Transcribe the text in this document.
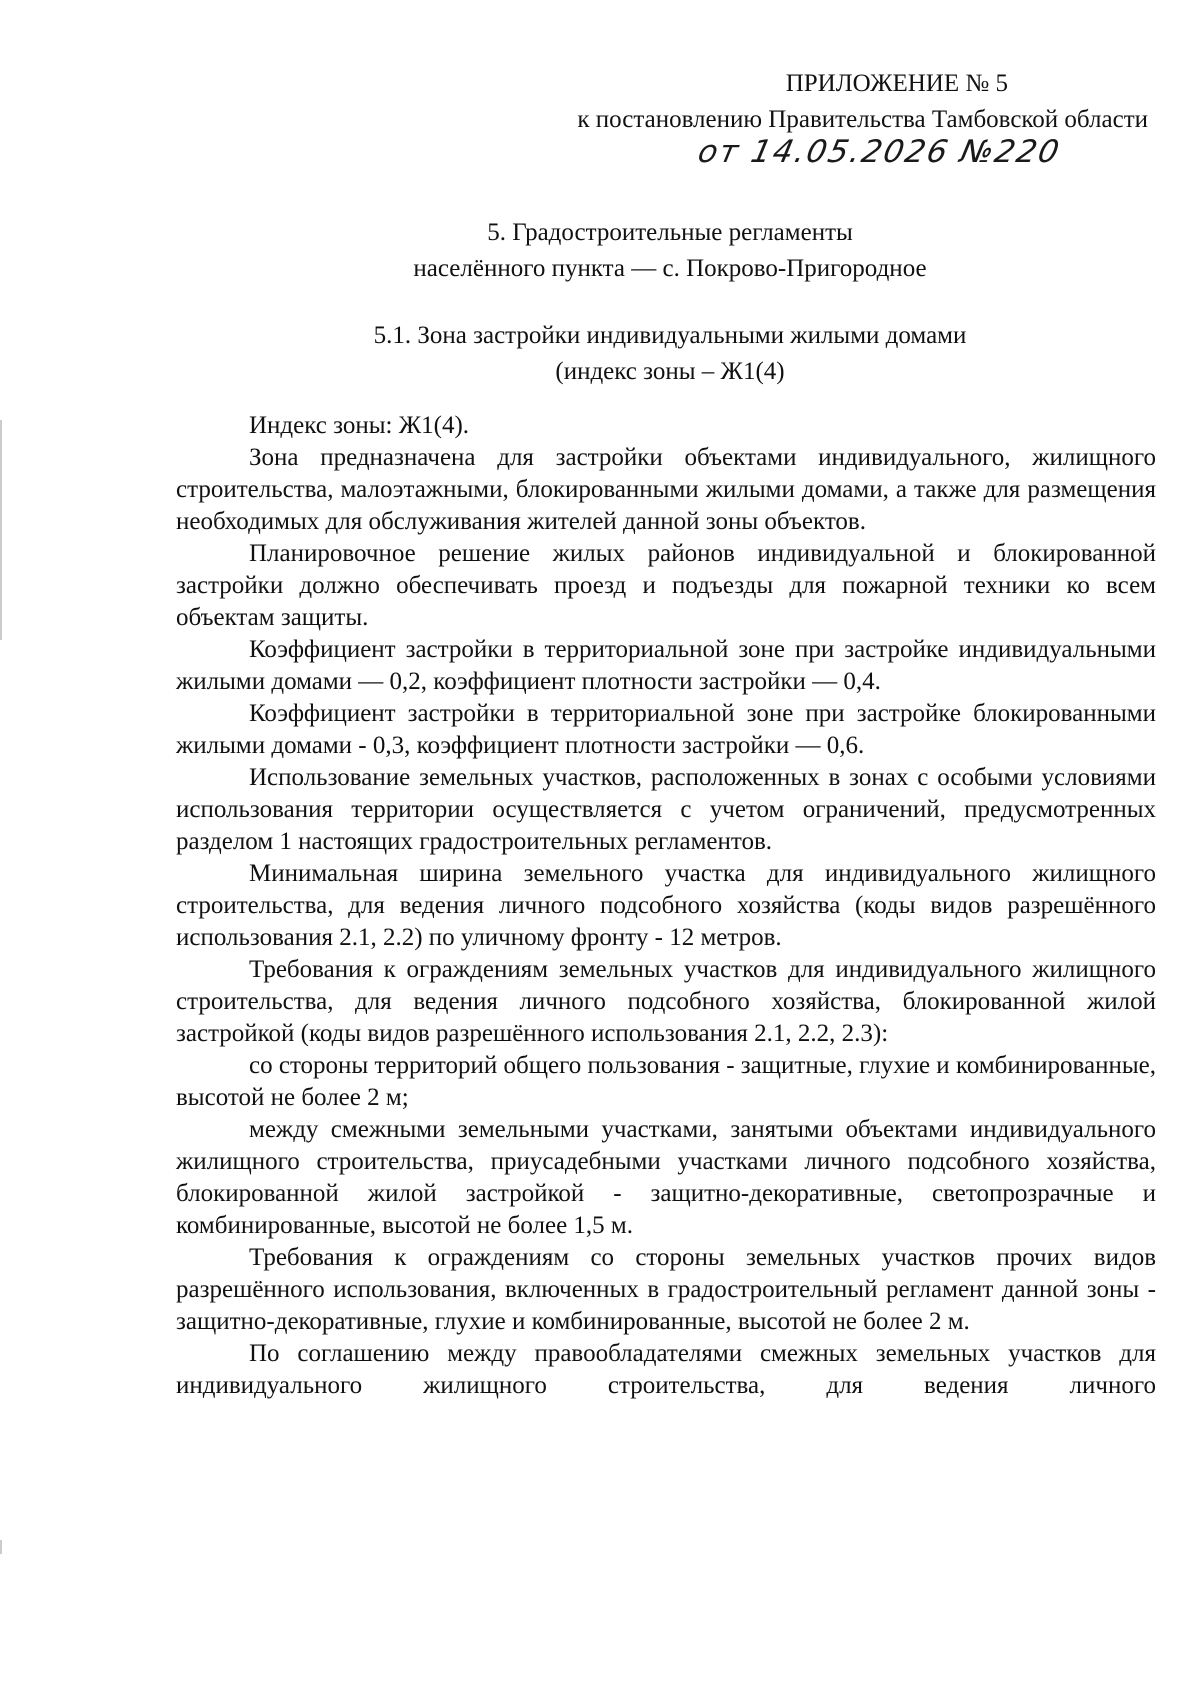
ПРИЛОЖЕНИЕ № 5
к постановлению Правительства Тамбовской области
от 14.05.2026 №220
5. Градостроительные регламенты
населённого пункта — с. Покрово-Пригородное
5.1. Зона застройки индивидуальными жилыми домами
(индекс зоны – Ж1(4)

Индекс зоны: Ж1(4).

Зона предназначена для застройки объектами индивидуального, жилищного строительства, малоэтажными, блокированными жилыми домами, а также для размещения необходимых для обслуживания жителей данной зоны объектов.

Планировочное решение жилых районов индивидуальной и блокированной застройки должно обеспечивать проезд и подъезды для пожарной техники ко всем объектам защиты.

Коэффициент застройки в территориальной зоне при застройке индивидуальными жилыми домами — 0,2, коэффициент плотности застройки — 0,4.

Коэффициент застройки в территориальной зоне при застройке блокированными жилыми домами - 0,3, коэффициент плотности застройки — 0,6.

Использование земельных участков, расположенных в зонах с особыми условиями использования территории осуществляется с учетом ограничений, предусмотренных разделом 1 настоящих градостроительных регламентов.

Минимальная ширина земельного участка для индивидуального жилищного строительства, для ведения личного подсобного хозяйства (коды видов разрешённого использования 2.1, 2.2) по уличному фронту - 12 метров.

Требования к ограждениям земельных участков для индивидуального жилищного строительства, для ведения личного подсобного хозяйства, блокированной жилой застройкой (коды видов разрешённого использования 2.1, 2.2, 2.3):

со стороны территорий общего пользования - защитные, глухие и комбинированные, высотой не более 2 м;

между смежными земельными участками, занятыми объектами индивидуального жилищного строительства, приусадебными участками личного подсобного хозяйства, блокированной жилой застройкой - защитно-декоративные, светопрозрачные и комбинированные, высотой не более 1,5 м.

Требования к ограждениям со стороны земельных участков прочих видов разрешённого использования, включенных в градостроительный регламент данной зоны - защитно-декоративные, глухие и комбинированные, высотой не более 2 м.

По соглашению между правообладателями смежных земельных участков для индивидуального жилищного строительства, для ведения личного
